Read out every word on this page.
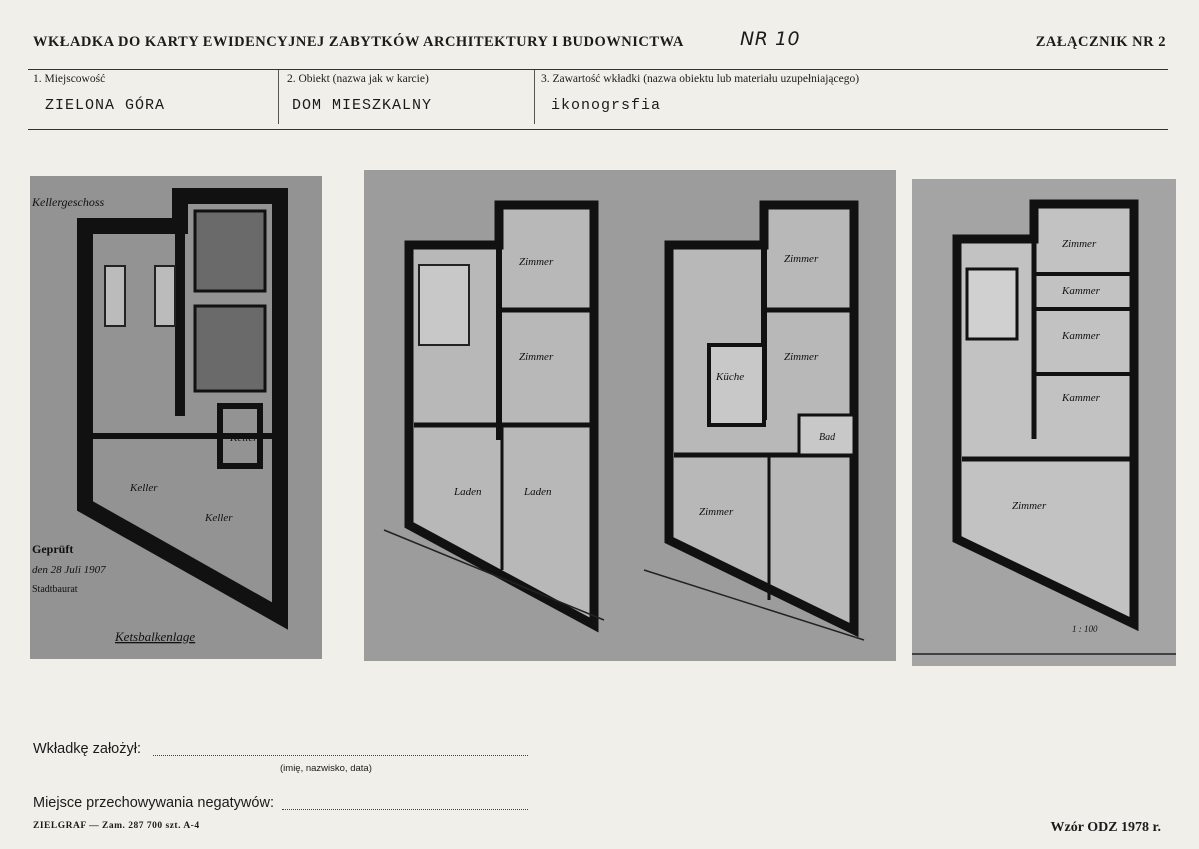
WKŁADKA DO KARTY EWIDENCYJNEJ ZABYTKÓW ARCHITEKTURY I BUDOWNICTWA	NR 10	ZAŁĄCZNIK NR 2
1. Miejscowość
ZIELONA GÓRA
2. Obiekt (nazwa jak w karcie)
DOM MIESZKALNY
3. Zawartość wkładki (nazwa obiektu lub materiału uzupełniającego)
ikonogrsfia
Kellergeschoss
Keller
Keller
Keller
Geprüft
den 28 Juli 1907
Stadtbaurat
Ketsbalkenlage
Zimmer
Zimmer
Laden	Laden
Zimmer
Küche
Zimmer
Zimmer
Bad
Zimmer
Kammer
Kammer
Kammer
Zimmer
1 : 100
Wkładkę założył:
(imię, nazwisko, data)
Miejsce przechowywania negatywów:
ZIELGRAF — Zam. 287 700 szt. A-4	Wzór ODZ 1978 r.
